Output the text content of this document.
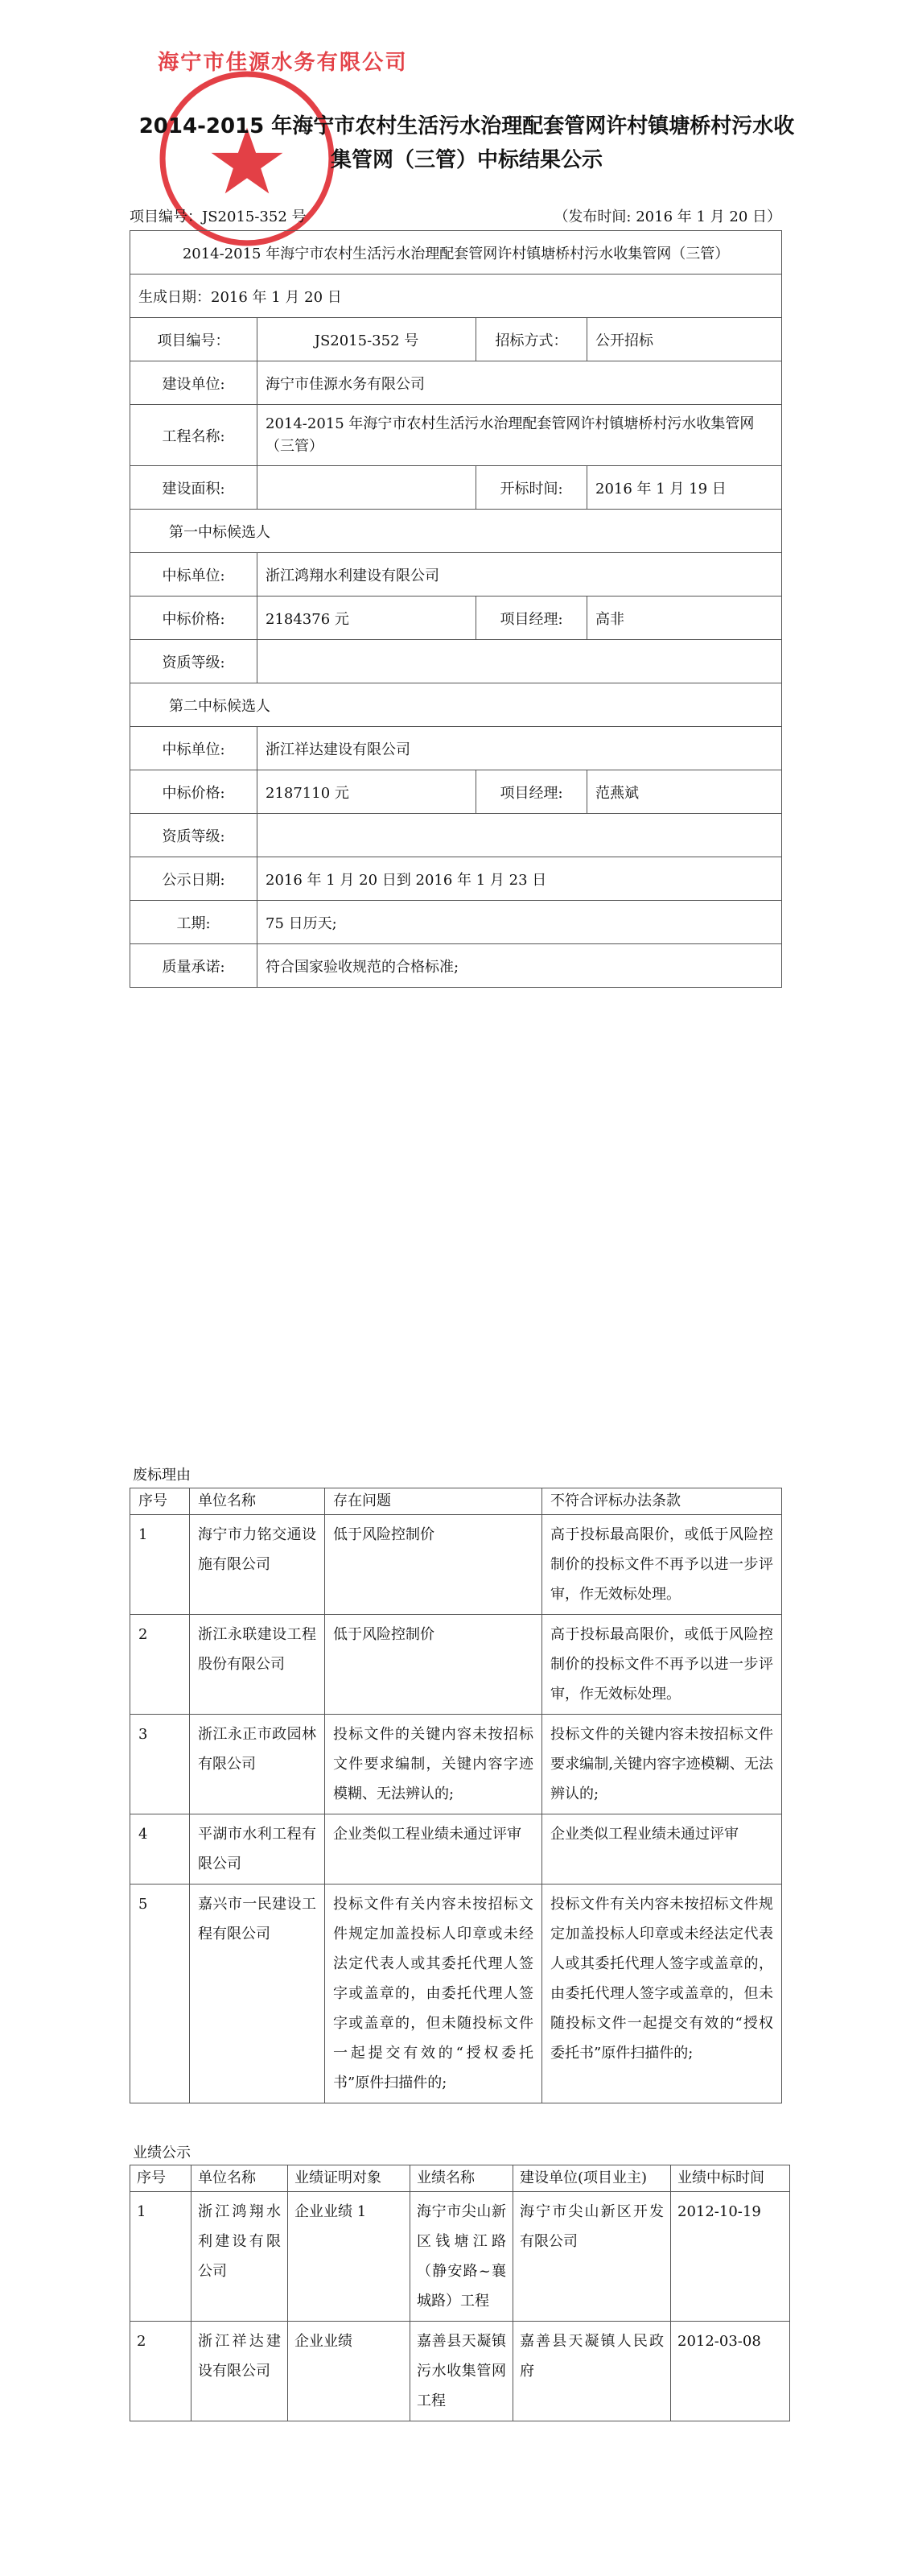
海宁市佳源水务有限公司
2014-2015 年海宁市农村生活污水治理配套管网许村镇塘桥村污水收集管网（三管）中标结果公示
项目编号：JS2015-352 号	（发布时间: 2016 年 1 月 20 日）
2014-2015 年海宁市农村生活污水治理配套管网许村镇塘桥村污水收集管网（三管）			
生成日期：2016 年 1 月 20 日			
项目编号：	JS2015-352 号	招标方式：	公开招标
建设单位:	海宁市佳源水务有限公司		
工程名称:	2014-2015 年海宁市农村生活污水治理配套管网许村镇塘桥村污水收集管网（三管）		
建设面积:		开标时间:	2016 年 1 月 19 日
第一中标候选人			
中标单位:	浙江鸿翔水利建设有限公司		
中标价格:	2184376 元	项目经理:	高非
资质等级:			
第二中标候选人			
中标单位:	浙江祥达建设有限公司		
中标价格:	2187110 元	项目经理:	范燕斌
资质等级:			
公示日期:	2016 年 1 月 20 日到 2016 年 1 月 23 日		
工期:	75 日历天;		
质量承诺:	符合国家验收规范的合格标准;		
废标理由
序号	单位名称	存在问题	不符合评标办法条款
1	海宁市力铭交通设施有限公司	低于风险控制价	高于投标最高限价，或低于风险控制价的投标文件不再予以进一步评审，作无效标处理。
2	浙江永联建设工程股份有限公司	低于风险控制价	高于投标最高限价，或低于风险控制价的投标文件不再予以进一步评审，作无效标处理。
3	浙江永正市政园林有限公司	投标文件的关键内容未按招标文件要求编制，关键内容字迹模糊、无法辨认的;	投标文件的关键内容未按招标文件要求编制,关键内容字迹模糊、无法辨认的;
4	平湖市水利工程有限公司	企业类似工程业绩未通过评审	企业类似工程业绩未通过评审
5	嘉兴市一民建设工程有限公司	投标文件有关内容未按招标文件规定加盖投标人印章或未经法定代表人或其委托代理人签字或盖章的，由委托代理人签字或盖章的，但未随投标文件一起提交有效的“授权委托书”原件扫描件的;	投标文件有关内容未按招标文件规定加盖投标人印章或未经法定代表人或其委托代理人签字或盖章的，由委托代理人签字或盖章的，但未随投标文件一起提交有效的“授权委托书”原件扫描件的;
业绩公示
序号	单位名称	业绩证明对象	业绩名称	建设单位(项目业主)	业绩中标时间
1	浙江鸿翔水利建设有限公司	企业业绩 1	海宁市尖山新区钱塘江路（静安路~襄城路）工程	海宁市尖山新区开发有限公司	2012-10-19
2	浙江祥达建设有限公司	企业业绩	嘉善县天凝镇污水收集管网工程	嘉善县天凝镇人民政府	2012-03-08
